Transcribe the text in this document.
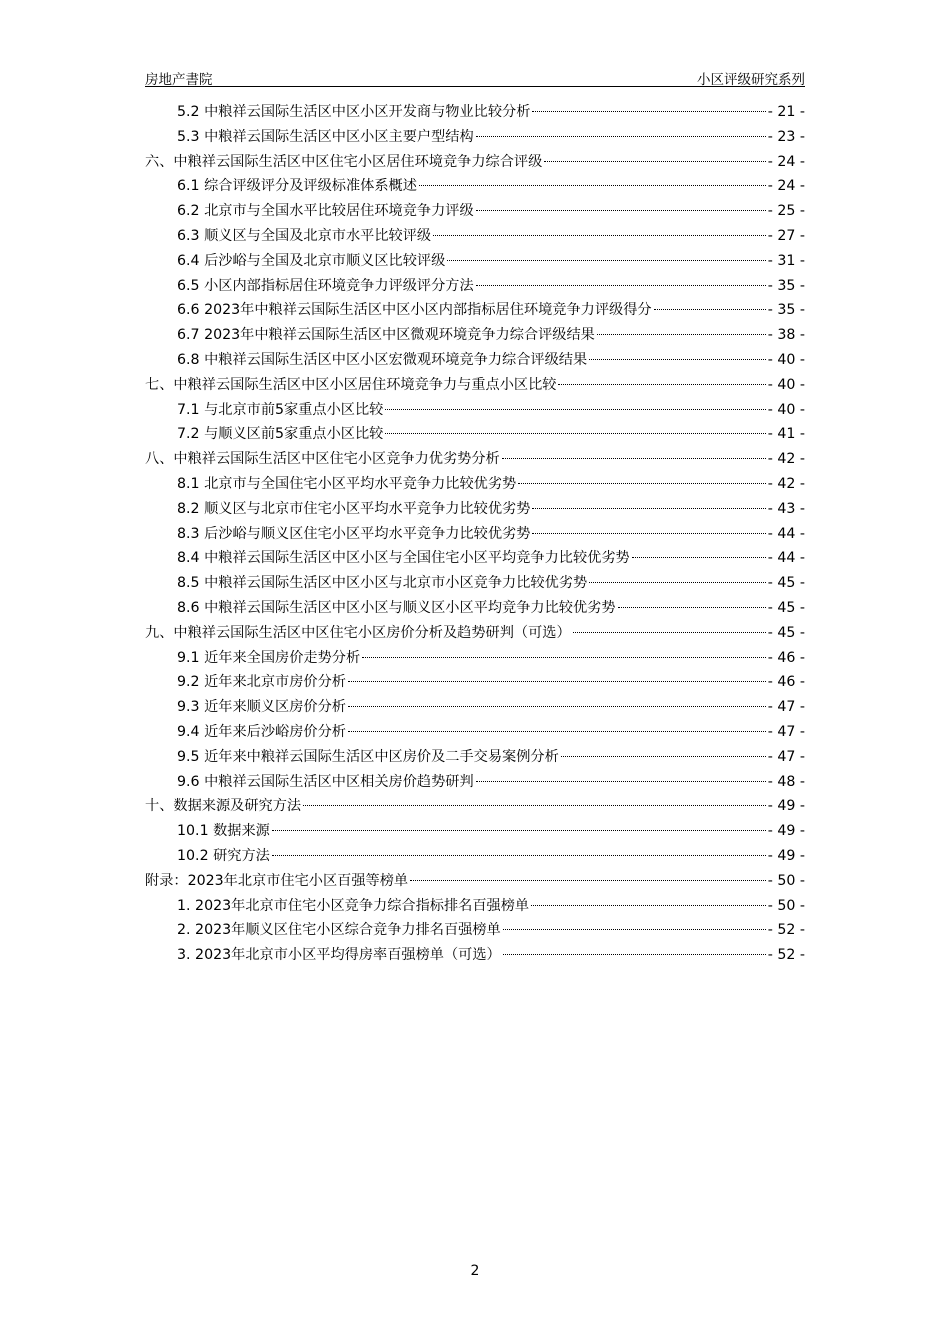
房地产書院	小区评级研究系列
5.2 中粮祥云国际生活区中区小区开发商与物业比较分析	- 21 -
5.3 中粮祥云国际生活区中区小区主要户型结构	- 23 -
六、中粮祥云国际生活区中区住宅小区居住环境竞争力综合评级	- 24 -
6.1 综合评级评分及评级标准体系概述	- 24 -
6.2 北京市与全国水平比较居住环境竞争力评级	- 25 -
6.3 顺义区与全国及北京市水平比较评级	- 27 -
6.4 后沙峪与全国及北京市顺义区比较评级	- 31 -
6.5 小区内部指标居住环境竞争力评级评分方法	- 35 -
6.6 2023年中粮祥云国际生活区中区小区内部指标居住环境竞争力评级得分	- 35 -
6.7 2023年中粮祥云国际生活区中区微观环境竞争力综合评级结果	- 38 -
6.8 中粮祥云国际生活区中区小区宏微观环境竞争力综合评级结果	- 40 -
七、中粮祥云国际生活区中区小区居住环境竞争力与重点小区比较	- 40 -
7.1 与北京市前5家重点小区比较	- 40 -
7.2 与顺义区前5家重点小区比较	- 41 -
八、中粮祥云国际生活区中区住宅小区竞争力优劣势分析	- 42 -
8.1 北京市与全国住宅小区平均水平竞争力比较优劣势	- 42 -
8.2 顺义区与北京市住宅小区平均水平竞争力比较优劣势	- 43 -
8.3 后沙峪与顺义区住宅小区平均水平竞争力比较优劣势	- 44 -
8.4 中粮祥云国际生活区中区小区与全国住宅小区平均竞争力比较优劣势	- 44 -
8.5 中粮祥云国际生活区中区小区与北京市小区竞争力比较优劣势	- 45 -
8.6 中粮祥云国际生活区中区小区与顺义区小区平均竞争力比较优劣势	- 45 -
九、中粮祥云国际生活区中区住宅小区房价分析及趋势研判（可选）	- 45 -
9.1 近年来全国房价走势分析	- 46 -
9.2 近年来北京市房价分析	- 46 -
9.3 近年来顺义区房价分析	- 47 -
9.4 近年来后沙峪房价分析	- 47 -
9.5 近年来中粮祥云国际生活区中区房价及二手交易案例分析	- 47 -
9.6 中粮祥云国际生活区中区相关房价趋势研判	- 48 -
十、数据来源及研究方法	- 49 -
10.1 数据来源	- 49 -
10.2 研究方法	- 49 -
附录：2023年北京市住宅小区百强等榜单	- 50 -
1. 2023年北京市住宅小区竞争力综合指标排名百强榜单	- 50 -
2. 2023年顺义区住宅小区综合竞争力排名百强榜单	- 52 -
3. 2023年北京市小区平均得房率百强榜单（可选）	- 52 -
2
